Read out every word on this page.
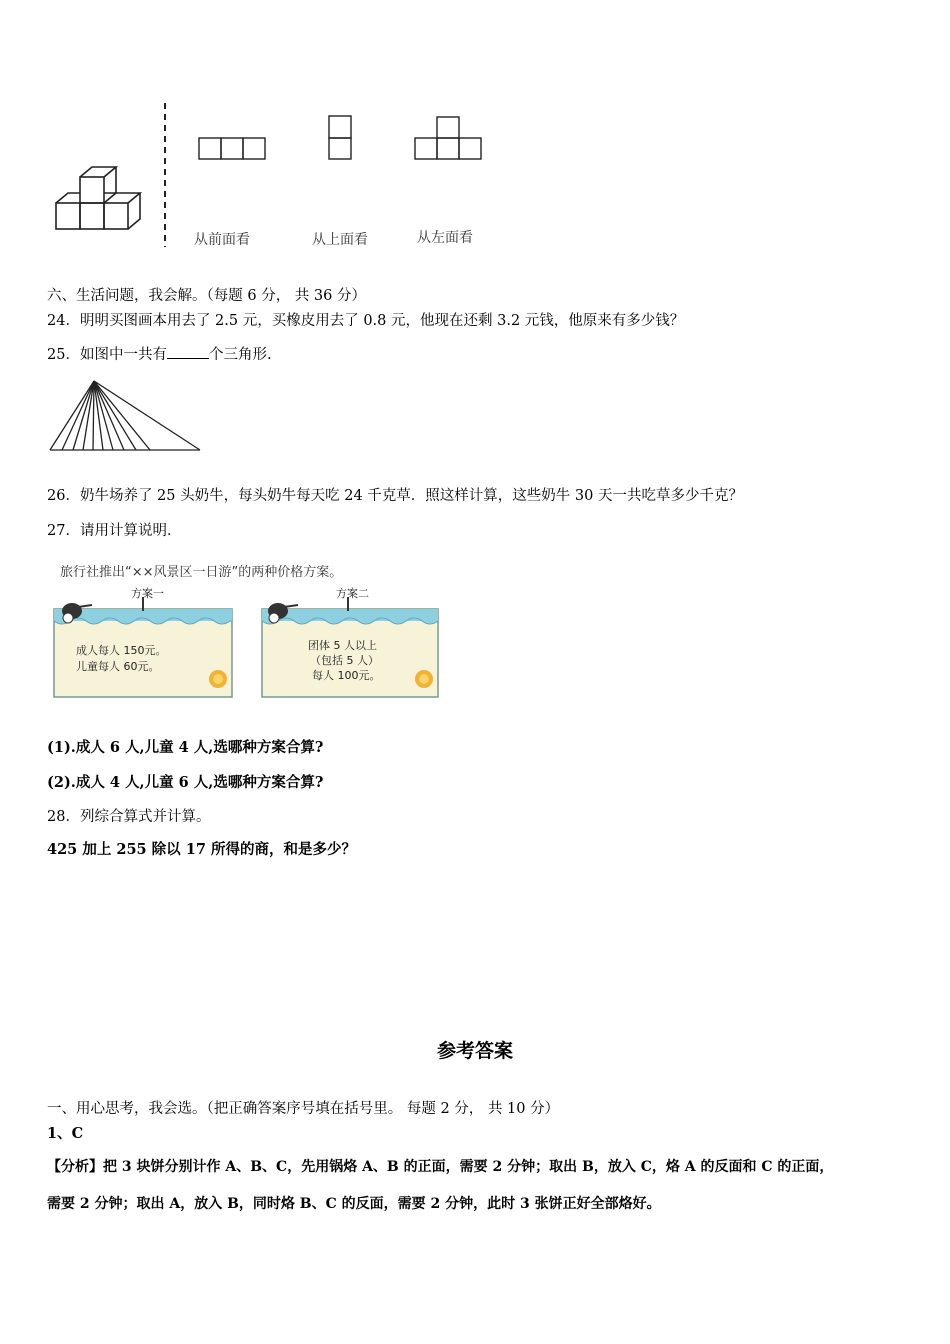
从前面看	从上面看	从左面看
六、生活问题，我会解。（每题 6 分， 共 36 分）
24．明明买图画本用去了 2.5 元，买橡皮用去了 0.8 元，他现在还剩 3.2 元钱，他原来有多少钱？
25．如图中一共有	个三角形.
26．奶牛场养了 25 头奶牛，每头奶牛每天吃 24 千克草．照这样计算，这些奶牛 30 天一共吃草多少千克？
27．请用计算说明．
旅行社推出“××风景区一日游”的两种价格方案。
方案一
成人每人 150元。
儿童每人 60元。
方案二
团体 5 人以上
（包括 5 人）
每人 100元。
(1).成人 6 人,儿童 4 人,选哪种方案合算?
(2).成人 4 人,儿童 6 人,选哪种方案合算?
28．列综合算式并计算。
425 加上 255 除以 17 所得的商，和是多少？
参考答案
一、用心思考，我会选。（把正确答案序号填在括号里。 每题 2 分， 共 10 分）
1、C
【分析】把 3 块饼分别计作 A、B、C，先用锅烙 A、B 的正面，需要 2 分钟；取出 B，放入 C，烙 A 的反面和 C 的正面，
需要 2 分钟；取出 A，放入 B，同时烙 B、C 的反面，需要 2 分钟，此时 3 张饼正好全部烙好。
